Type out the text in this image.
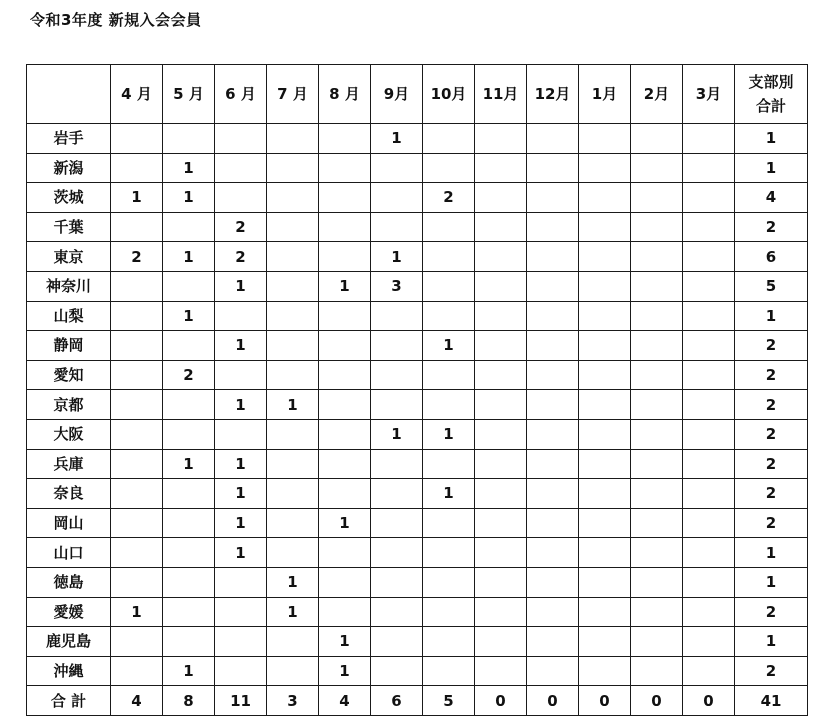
令和3年度 新規入会会員
	4 月	5 月	6 月	7 月	8 月	9月	10月	11月	12月	1月	2月	3月	支部別
合計
岩手						1							1
新潟		1											1
茨城	1	1					2						4
千葉			2										2
東京	2	1	2			1							6
神奈川			1		1	3							5
山梨		1											1
静岡			1				1						2
愛知		2											2
京都			1	1									2
大阪						1	1						2
兵庫		1	1										2
奈良			1				1						2
岡山			1		1								2
山口			1										1
徳島				1									1
愛媛	1			1									2
鹿児島					1								1
沖縄		1			1								2
合 計	4	8	11	3	4	6	5	0	0	0	0	0	41
